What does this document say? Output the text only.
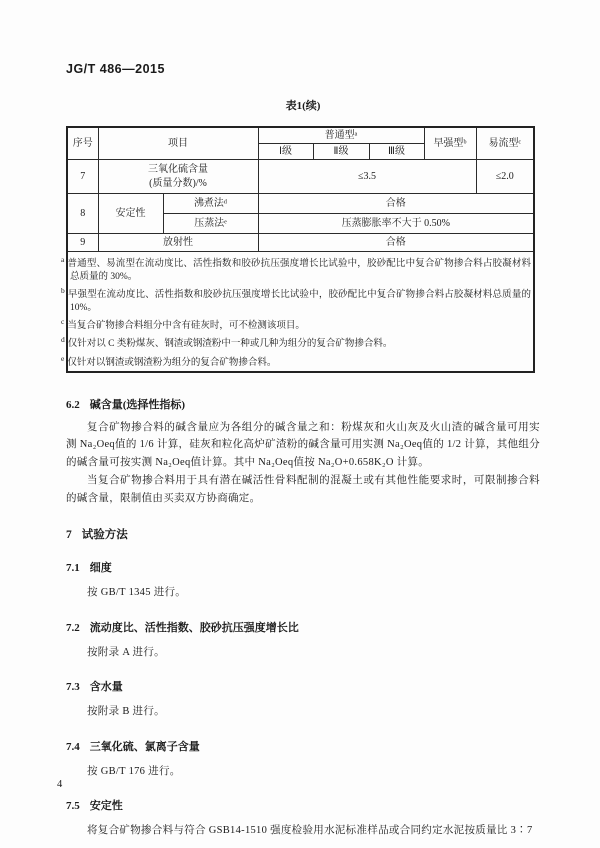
JG/T 486—2015
表1(续)
序号	项目		普通型ᵃ			早强型ᵇ	易流型ᶜ
			Ⅰ级	Ⅱ级	Ⅲ级		
7	三氧化硫含量
(质量分数)/%		≤3.5				≤2.0
8	安定性	沸煮法ᵈ	合格				
		压蒸法ᵉ	压蒸膨胀率不大于 0.50%				
9	放射性		合格				

a 普通型、易流型在流动度比、活性指数和胶砂抗压强度增长比试验中，胶砂配比中复合矿物掺合料占胶凝材料总质量的 30%。
b 早强型在流动度比、活性指数和胶砂抗压强度增长比试验中，胶砂配比中复合矿物掺合料占胶凝材料总质量的 10%。
c 当复合矿物掺合料组分中含有硅灰时，可不检测该项目。
d 仅针对以 C 类粉煤灰、钢渣或钢渣粉中一种或几种为组分的复合矿物掺合料。
e 仅针对以钢渣或钢渣粉为组分的复合矿物掺合料。							
6.2 碱含量(选择性指标)
复合矿物掺合料的碱含量应为各组分的碱含量之和：粉煤灰和火山灰及火山渣的碱含量可用实测 Na₂Oeq值的 1/6 计算，硅灰和粒化高炉矿渣粉的碱含量可用实测 Na₂Oeq值的 1/2 计算，其他组分的碱含量可按实测 Na₂Oeq值计算。其中 Na₂Oeq值按 Na₂O+0.658K₂O 计算。
当复合矿物掺合料用于具有潜在碱活性骨料配制的混凝土或有其他性能要求时，可限制掺合料的碱含量，限制值由买卖双方协商确定。
7 试验方法
7.1 细度
按 GB/T 1345 进行。
7.2 流动度比、活性指数、胶砂抗压强度增长比
按附录 A 进行。
7.3 含水量
按附录 B 进行。
7.4 三氧化硫、氯离子含量
按 GB/T 176 进行。
7.5 安定性
将复合矿物掺合料与符合 GSB14-1510 强度检验用水泥标准样品或合同约定水泥按质量比 3∶7
4
